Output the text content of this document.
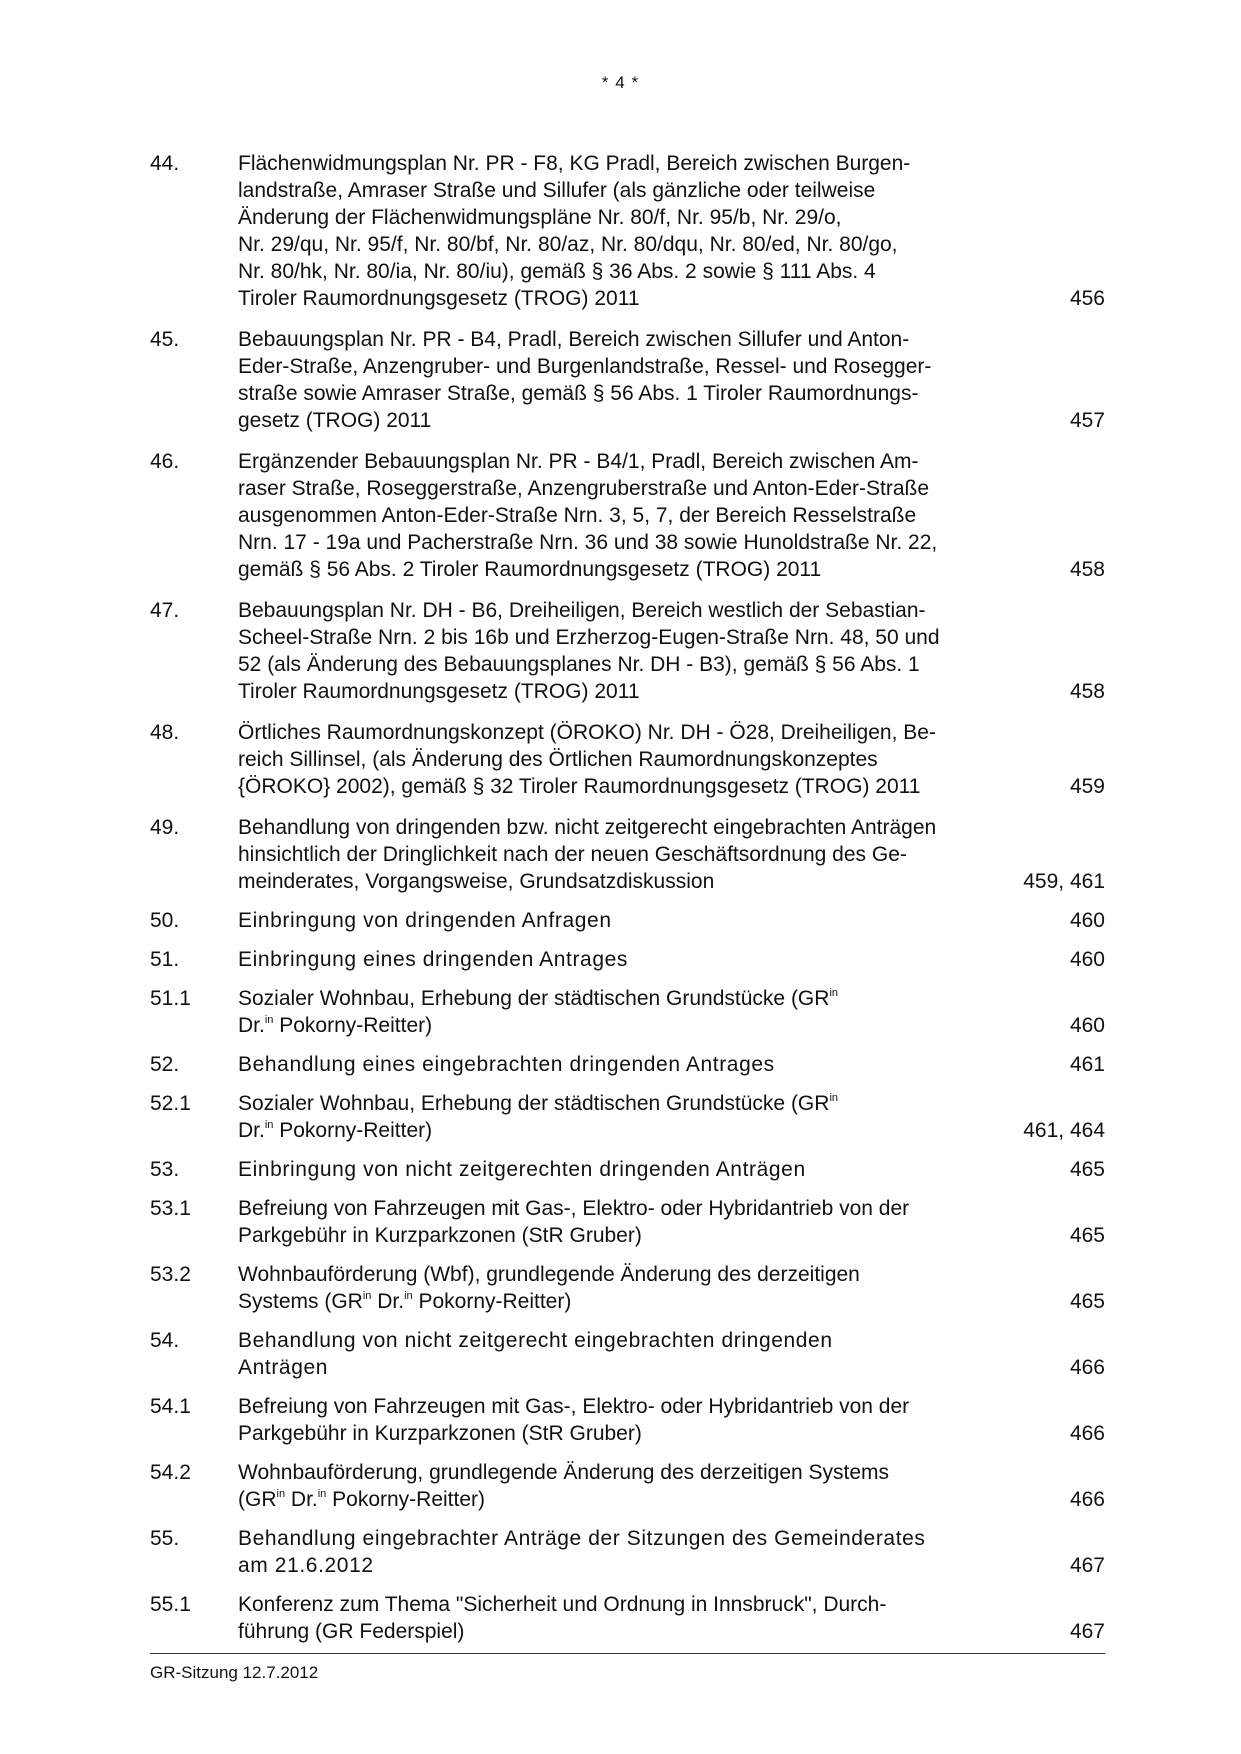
* 4 *
44.	Flächenwidmungsplan Nr. PR - F8, KG Pradl, Bereich zwischen Burgen-
landstraße, Amraser Straße und Sillufer (als gänzliche oder teilweise
Änderung der Flächenwidmungspläne Nr. 80/f, Nr. 95/b, Nr. 29/o,
Nr. 29/qu, Nr. 95/f, Nr. 80/bf, Nr. 80/az, Nr. 80/dqu, Nr. 80/ed, Nr. 80/go,
Nr. 80/hk, Nr. 80/ia, Nr. 80/iu), gemäß § 36 Abs. 2 sowie § 111 Abs. 4
Tiroler Raumordnungsgesetz (TROG) 2011	456
45.	Bebauungsplan Nr. PR - B4, Pradl, Bereich zwischen Sillufer und Anton-
Eder-Straße, Anzengruber- und Burgenlandstraße, Ressel- und Rosegger-
straße sowie Amraser Straße, gemäß § 56 Abs. 1 Tiroler Raumordnungs-
gesetz (TROG) 2011	457
46.	Ergänzender Bebauungsplan Nr. PR - B4/1, Pradl, Bereich zwischen Am-
raser Straße, Roseggerstraße, Anzengruberstraße und Anton-Eder-Straße
ausgenommen Anton-Eder-Straße Nrn. 3, 5, 7, der Bereich Resselstraße
Nrn. 17 - 19a und Pacherstraße Nrn. 36 und 38 sowie Hunoldstraße Nr. 22,
gemäß § 56 Abs. 2 Tiroler Raumordnungsgesetz (TROG) 2011	458
47.	Bebauungsplan Nr. DH - B6, Dreiheiligen, Bereich westlich der Sebastian-
Scheel-Straße Nrn. 2 bis 16b und Erzherzog-Eugen-Straße Nrn. 48, 50 und
52 (als Änderung des Bebauungsplanes Nr. DH - B3), gemäß § 56 Abs. 1
Tiroler Raumordnungsgesetz (TROG) 2011	458
48.	Örtliches Raumordnungskonzept (ÖROKO) Nr. DH - Ö28, Dreiheiligen, Be-
reich Sillinsel, (als Änderung des Örtlichen Raumordnungskonzeptes
{ÖROKO} 2002), gemäß § 32 Tiroler Raumordnungsgesetz (TROG) 2011	459
49.	Behandlung von dringenden bzw. nicht zeitgerecht eingebrachten Anträgen
hinsichtlich der Dringlichkeit nach der neuen Geschäftsordnung des Ge-
meinderates, Vorgangsweise, Grundsatzdiskussion	459, 461
50.	Einbringung von dringenden Anfragen	460
51.	Einbringung eines dringenden Antrages	460
51.1	Sozialer Wohnbau, Erhebung der städtischen Grundstücke ($GR^{in}$
Dr.$^{in}$ Pokorny-Reitter)	460
52.	Behandlung eines eingebrachten dringenden Antrages	461
52.1	Sozialer Wohnbau, Erhebung der städtischen Grundstücke ($GR^{in}$
Dr.$^{in}$ Pokorny-Reitter)	461, 464
53.	Einbringung von nicht zeitgerechten dringenden Anträgen	465
53.1	Befreiung von Fahrzeugen mit Gas-, Elektro- oder Hybridantrieb von der
Parkgebühr in Kurzparkzonen (StR Gruber)	465
53.2	Wohnbauförderung (Wbf), grundlegende Änderung des derzeitigen
Systems ($GR^{in}$ Dr.$^{in}$ Pokorny-Reitter)	465
54.	Behandlung von nicht zeitgerecht eingebrachten dringenden
Anträgen	466
54.1	Befreiung von Fahrzeugen mit Gas-, Elektro- oder Hybridantrieb von der
Parkgebühr in Kurzparkzonen (StR Gruber)	466
54.2	Wohnbauförderung, grundlegende Änderung des derzeitigen Systems
($GR^{in}$ Dr.$^{in}$ Pokorny-Reitter)	466
55.	Behandlung eingebrachter Anträge der Sitzungen des Gemeinderates
am 21.6.2012	467
55.1	Konferenz zum Thema "Sicherheit und Ordnung in Innsbruck", Durch-
führung (GR Federspiel)	467
GR-Sitzung 12.7.2012
